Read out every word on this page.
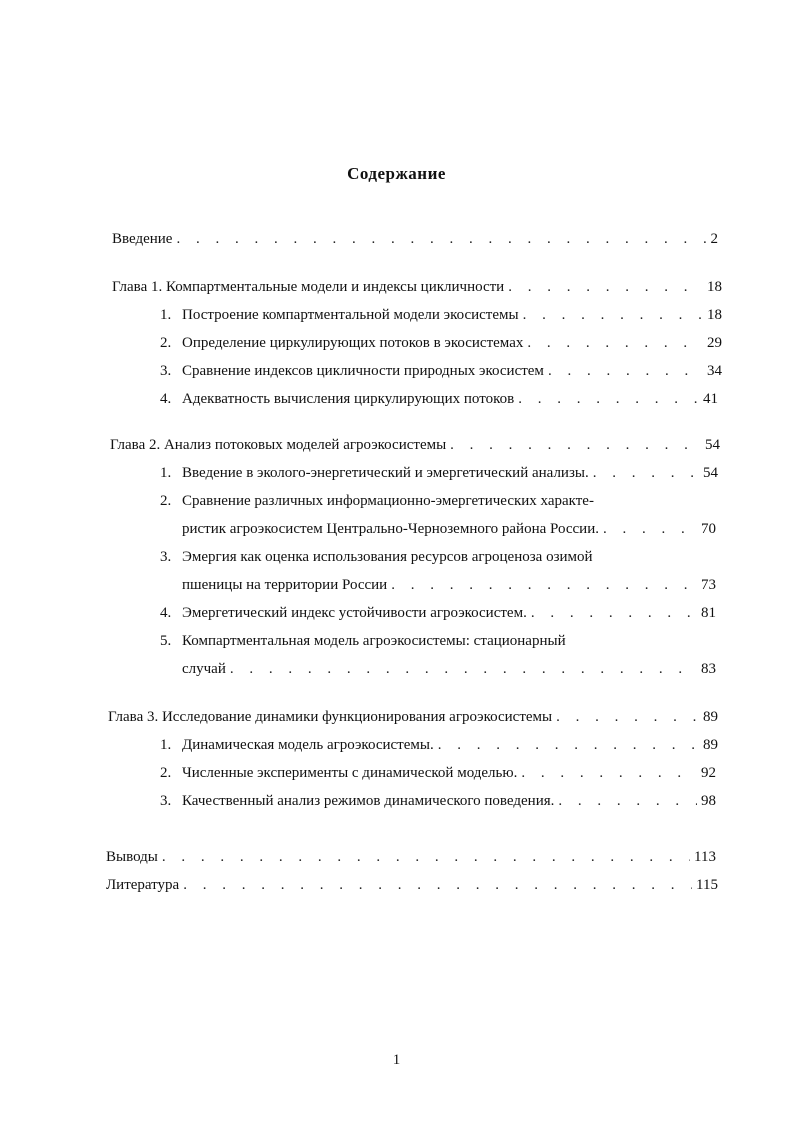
Содержание
Введение . . .	2
Глава 1. Компартментальные модели и индексы цикличности . . .	18
1. Построение компартментальной модели экосистемы . . .	18
2. Определение циркулирующих потоков в экосистемах . . .	29
3. Сравнение индексов цикличности природных экосистем . . .	34
4. Адекватность вычисления циркулирующих потоков . . .	41
Глава 2. Анализ потоковых моделей агроэкосистемы . . .	54
1. Введение в эколого-энергетический и эмергетический анализы. . . .	54
2. Сравнение различных информационно-эмергетических характе-
ристик агроэкосистем Центрально-Черноземного района России. . . .	70
3. Эмергия как оценка использования ресурсов агроценоза озимой
пшеницы на территории России . . .	73
4. Эмергетический индекс устойчивости агроэкосистем. . . .	81
5. Компартментальная модель агроэкосистемы: стационарный
случай . . .	83
Глава 3. Исследование динамики функционирования агроэкосистемы . . .	89
1. Динамическая модель агроэкосистемы. . . .	89
2. Численные эксперименты с динамической моделью. . . .	92
3. Качественный анализ режимов динамического поведения. . . .	98
Выводы . . .	113
Литература . . .	115
1
